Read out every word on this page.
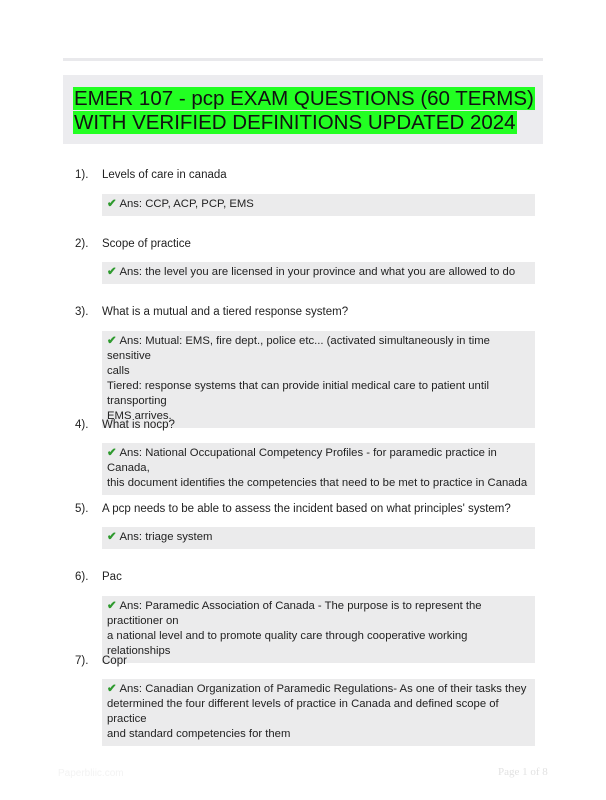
EMER 107 - pcp EXAM QUESTIONS (60 TERMS)
WITH VERIFIED DEFINITIONS UPDATED 2024
1). Levels of care in canada
✔ Ans: CCP, ACP, PCP, EMS
2). Scope of practice
✔ Ans: the level you are licensed in your province and what you are allowed to do
3). What is a mutual and a tiered response system?
✔ Ans: Mutual: EMS, fire dept., police etc... (activated simultaneously in time sensitive
calls
Tiered: response systems that can provide initial medical care to patient until transporting
EMS arrives.
4). What is nocp?
✔ Ans: National Occupational Competency Profiles - for paramedic practice in Canada,
this document identifies the competencies that need to be met to practice in Canada
5). A pcp needs to be able to assess the incident based on what principles' system?
✔ Ans: triage system
6). Pac
✔ Ans: Paramedic Association of Canada - The purpose is to represent the practitioner on
a national level and to promote quality care through cooperative working relationships
7). Copr
✔ Ans: Canadian Organization of Paramedic Regulations- As one of their tasks they
determined the four different levels of practice in Canada and defined scope of practice
and standard competencies for them
Paperbliic.com	Page 1 of 8
